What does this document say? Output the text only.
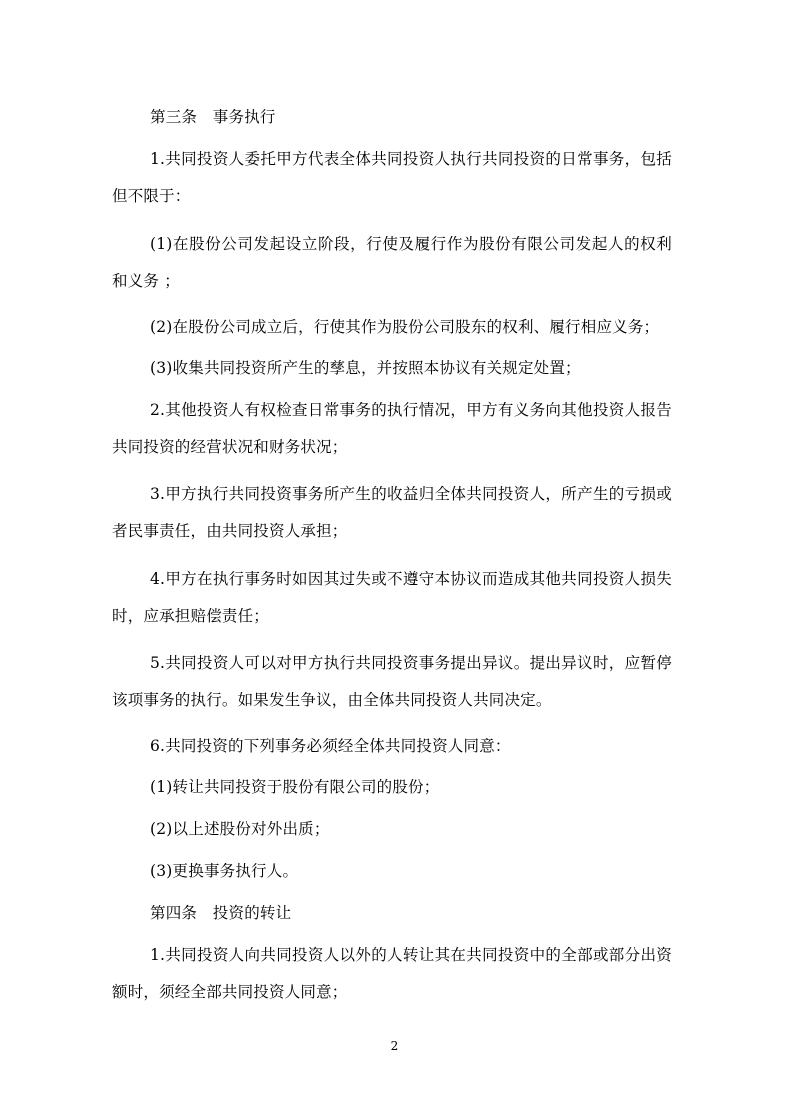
第三条　事务执行

1.共同投资人委托甲方代表全体共同投资人执行共同投资的日常事务，包括但不限于：

(1)在股份公司发起设立阶段，行使及履行作为股份有限公司发起人的权利和义务 ；

(2)在股份公司成立后，行使其作为股份公司股东的权利、履行相应义务；

(3)收集共同投资所产生的孳息，并按照本协议有关规定处置；

2.其他投资人有权检查日常事务的执行情况，甲方有义务向其他投资人报告共同投资的经营状况和财务状况；

3.甲方执行共同投资事务所产生的收益归全体共同投资人，所产生的亏损或者民事责任，由共同投资人承担；

4.甲方在执行事务时如因其过失或不遵守本协议而造成其他共同投资人损失时，应承担赔偿责任；

5.共同投资人可以对甲方执行共同投资事务提出异议。提出异议时，应暂停该项事务的执行。如果发生争议，由全体共同投资人共同决定。

6.共同投资的下列事务必须经全体共同投资人同意：

(1)转让共同投资于股份有限公司的股份；

(2)以上述股份对外出质；

(3)更换事务执行人。

第四条　投资的转让

1.共同投资人向共同投资人以外的人转让其在共同投资中的全部或部分出资额时，须经全部共同投资人同意；

2
